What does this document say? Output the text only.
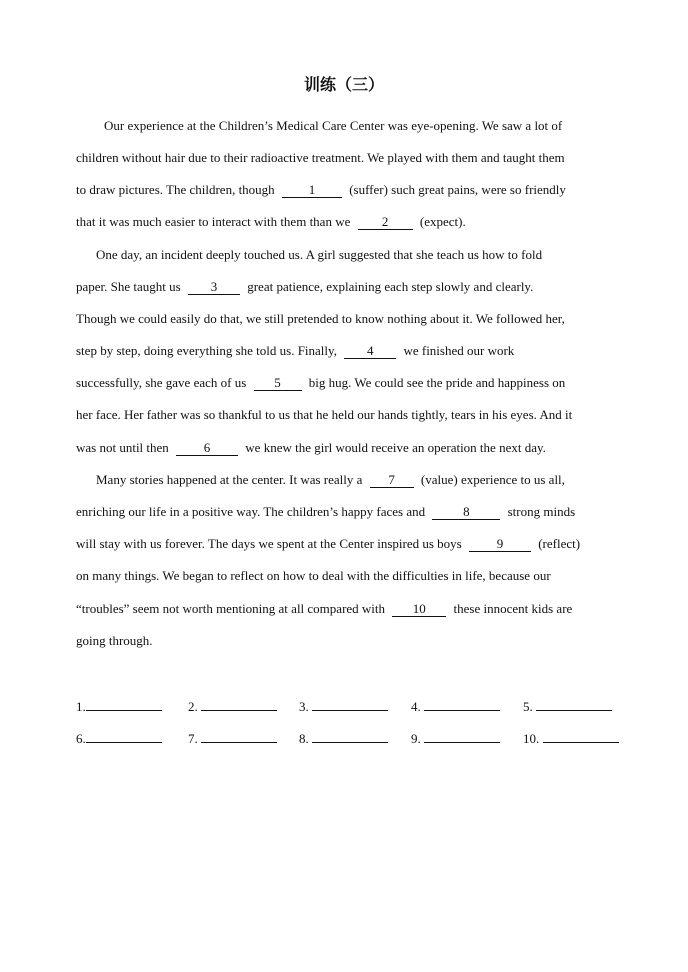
训练（三）
Our experience at the Children’s Medical Care Center was eye-opening. We saw a lot of
children without hair due to their radioactive treatment. We played with them and taught them
to draw pictures. The children, though 1 (suffer) such great pains, were so friendly
that it was much easier to interact with them than we 2 (expect).
One day, an incident deeply touched us. A girl suggested that she teach us how to fold
paper. She taught us 3 great patience, explaining each step slowly and clearly.
Though we could easily do that, we still pretended to know nothing about it. We followed her,
step by step, doing everything she told us. Finally, 4 we finished our work
successfully, she gave each of us 5 big hug. We could see the pride and happiness on
her face. Her father was so thankful to us that he held our hands tightly, tears in his eyes. And it
was not until then 6 we knew the girl would receive an operation the next day.
Many stories happened at the center. It was really a 7 (value) experience to us all,
enriching our life in a positive way. The children’s happy faces and	8	strong minds
will stay with us forever. The days we spent at the Center inspired us boys 9 (reflect)
on many things. We began to reflect on how to deal with the difficulties in life, because our
“troubles” seem not worth mentioning at all compared with 10 these innocent kids are
going through.
1.	2.	3.	4.	5.
6.	7.	8.	9.	10.
